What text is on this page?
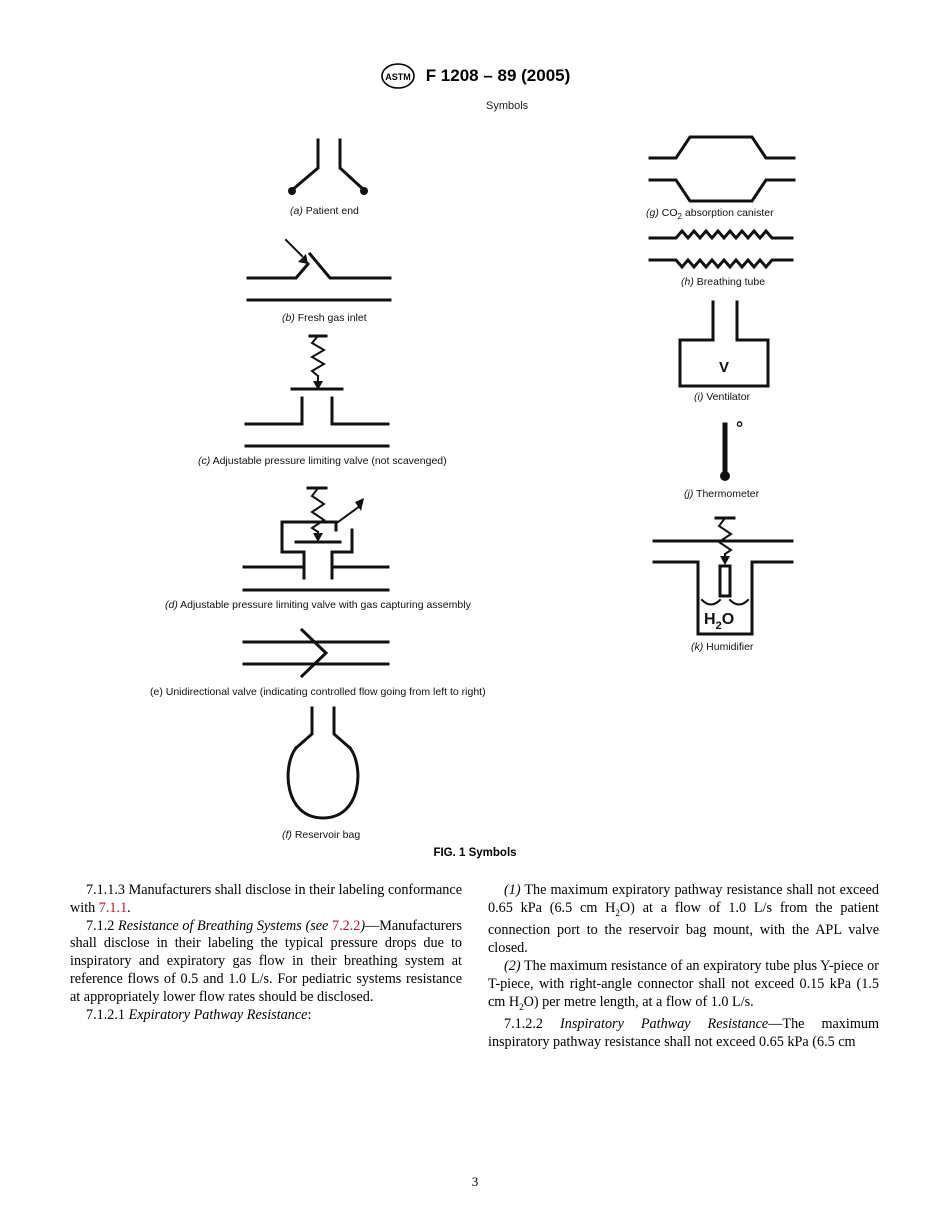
ASTM F 1208 – 89 (2005)
Symbols
V
°
$H_2O$
(a) Patient end
(b) Fresh gas inlet
(c) Adjustable pressure limiting valve (not scavenged)
(d) Adjustable pressure limiting valve with gas capturing assembly
(e) Unidirectional valve (indicating controlled flow going from left to right)
(f) Reservoir bag
(g) $CO_2$ absorption canister
(h) Breathing tube
(i) Ventilator
(j) Thermometer
(k) Humidifier
FIG. 1 Symbols

7.1.1.3 Manufacturers shall disclose in their labeling conformance with 7.1.1.

7.1.2 Resistance of Breathing Systems (see 7.2.2)—Manufacturers shall disclose in their labeling the typical pressure drops due to inspiratory and expiratory gas flow in their breathing system at reference flows of 0.5 and 1.0 L/s. For pediatric systems resistance at appropriately lower flow rates should be disclosed.

7.1.2.1 Expiratory Pathway Resistance:

(1) The maximum expiratory pathway resistance shall not exceed 0.65 kPa (6.5 cm $H_2O$) at a flow of 1.0 L/s from the patient connection port to the reservoir bag mount, with the APL valve closed.

(2) The maximum resistance of an expiratory tube plus Y-piece or T-piece, with right-angle connector shall not exceed 0.15 kPa (1.5 cm $H_2O$) per metre length, at a flow of 1.0 L/s.

7.1.2.2 Inspiratory Pathway Resistance—The maximum inspiratory pathway resistance shall not exceed 0.65 kPa (6.5 cm

3
